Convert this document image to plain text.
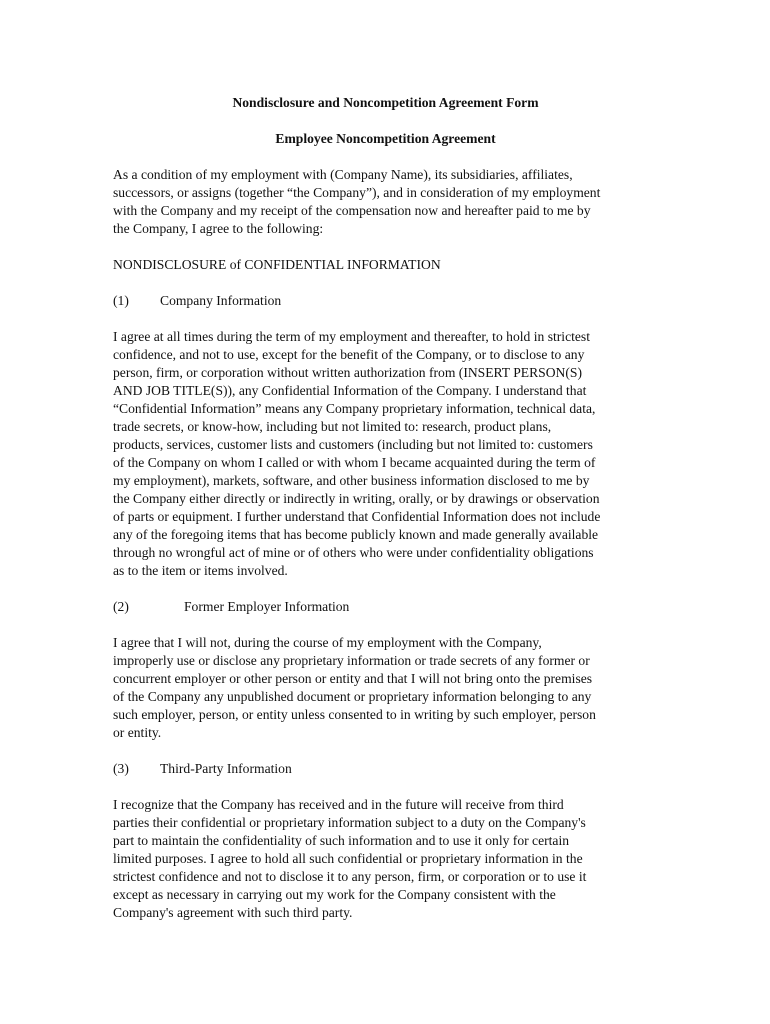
Nondisclosure and Noncompetition Agreement Form

Employee Noncompetition Agreement

As a condition of my employment with (Company Name), its subsidiaries, affiliates,
successors, or assigns (together “the Company”), and in consideration of my employment
with the Company and my receipt of the compensation now and hereafter paid to me by
the Company, I agree to the following:

NONDISCLOSURE of CONFIDENTIAL INFORMATION

(1) Company Information

I agree at all times during the term of my employment and thereafter, to hold in strictest
confidence, and not to use, except for the benefit of the Company, or to disclose to any
person, firm, or corporation without written authorization from (INSERT PERSON(S)
AND JOB TITLE(S)), any Confidential Information of the Company. I understand that
“Confidential Information” means any Company proprietary information, technical data,
trade secrets, or know-how, including but not limited to: research, product plans,
products, services, customer lists and customers (including but not limited to: customers
of the Company on whom I called or with whom I became acquainted during the term of
my employment), markets, software, and other business information disclosed to me by
the Company either directly or indirectly in writing, orally, or by drawings or observation
of parts or equipment. I further understand that Confidential Information does not include
any of the foregoing items that has become publicly known and made generally available
through no wrongful act of mine or of others who were under confidentiality obligations
as to the item or items involved.

(2)	Former Employer Information

I agree that I will not, during the course of my employment with the Company,
improperly use or disclose any proprietary information or trade secrets of any former or
concurrent employer or other person or entity and that I will not bring onto the premises
of the Company any unpublished document or proprietary information belonging to any
such employer, person, or entity unless consented to in writing by such employer, person
or entity.

(3) Third-Party Information

I recognize that the Company has received and in the future will receive from third
parties their confidential or proprietary information subject to a duty on the Company's
part to maintain the confidentiality of such information and to use it only for certain
limited purposes. I agree to hold all such confidential or proprietary information in the
strictest confidence and not to disclose it to any person, firm, or corporation or to use it
except as necessary in carrying out my work for the Company consistent with the
Company's agreement with such third party.
